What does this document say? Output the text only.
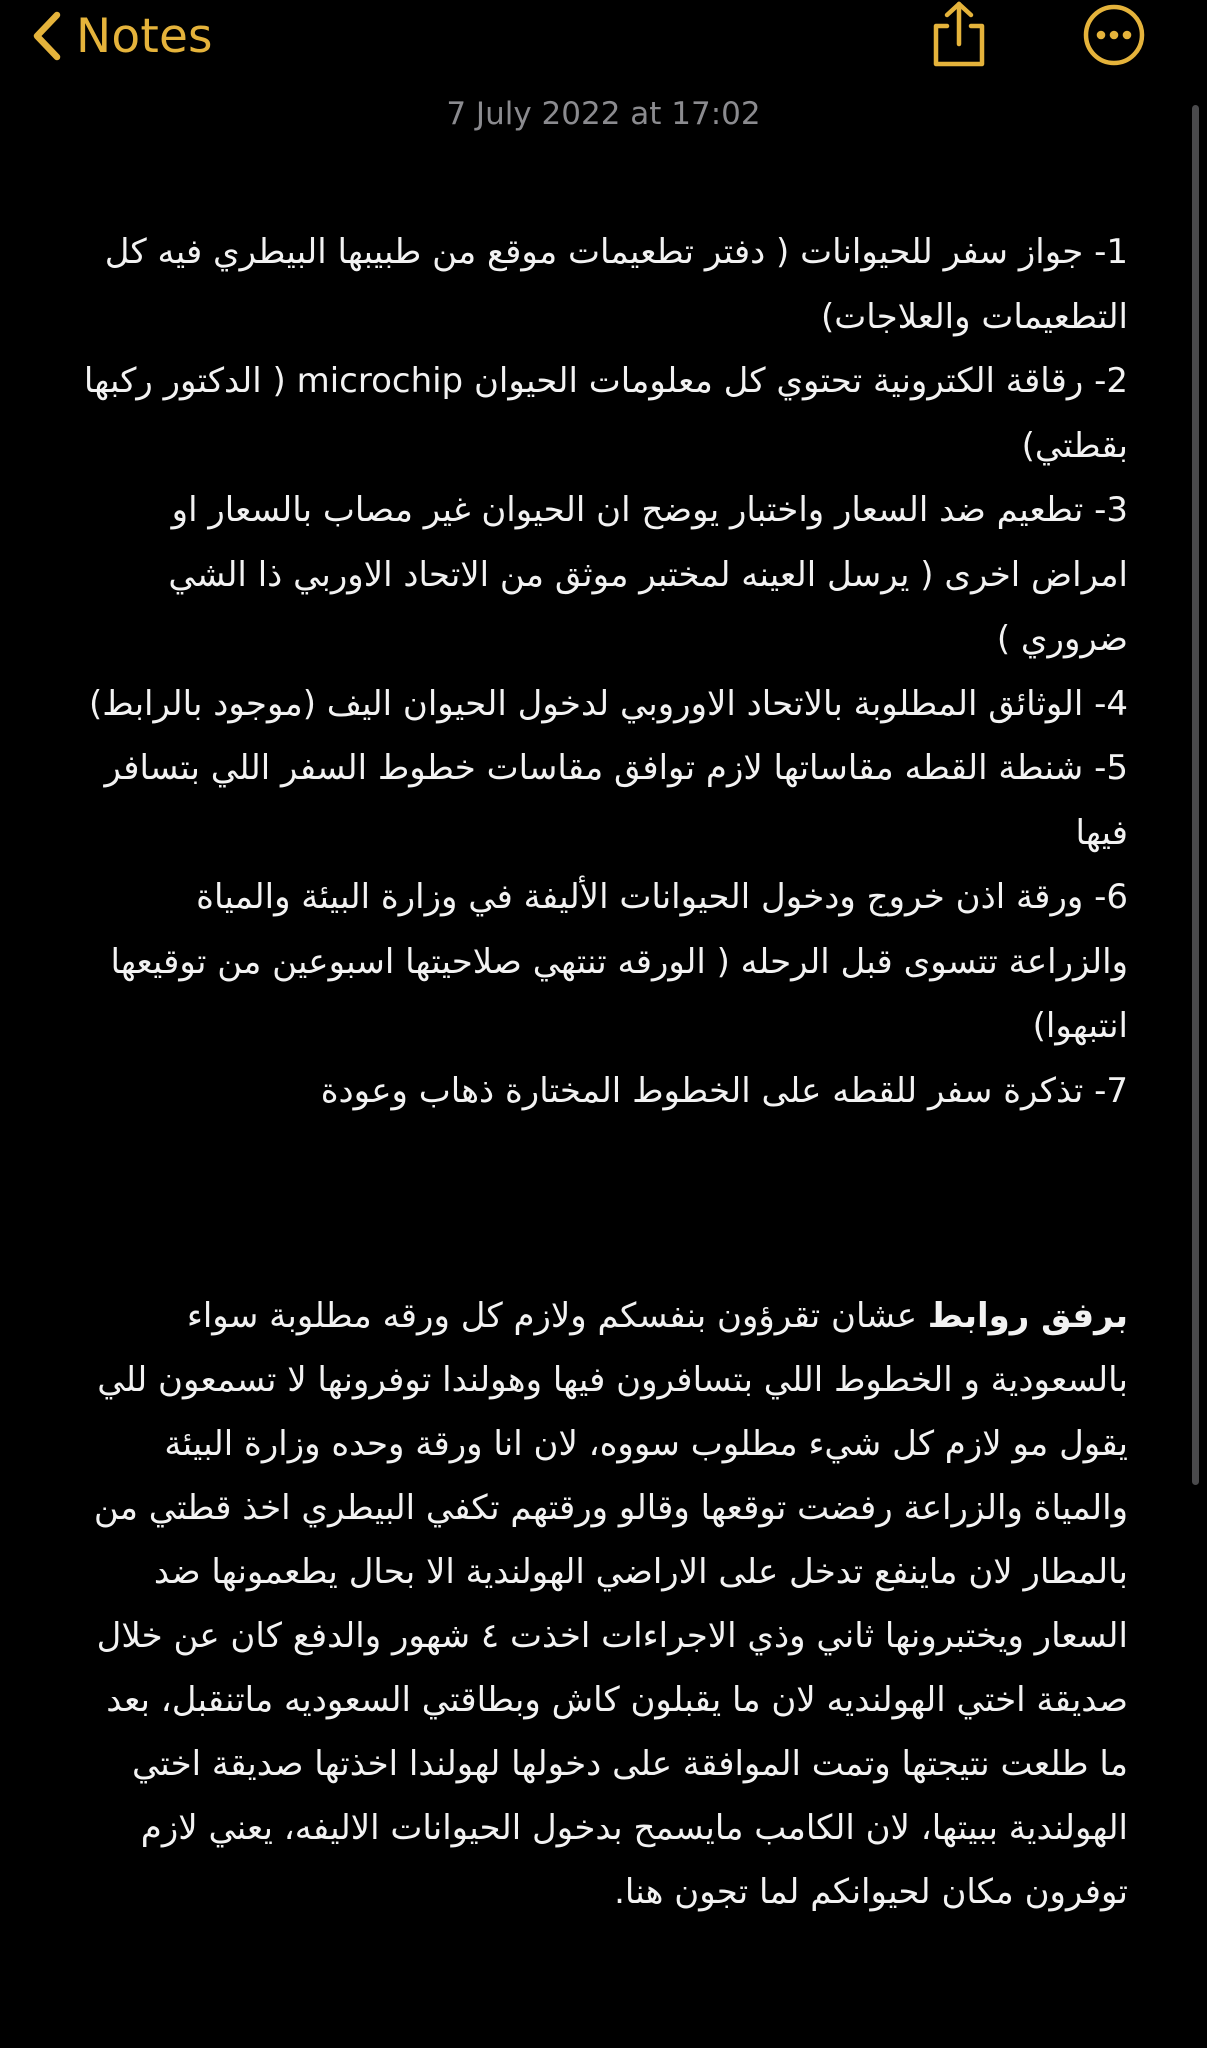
Notes
7 July 2022 at 17:02

1- جواز سفر للحيوانات ( دفتر تطعيمات موقع من طبيبها البيطري فيه كل التطعيمات والعلاجات)

2- رقاقة الكترونية تحتوي كل معلومات الحيوان microchip ( الدكتور ركبها بقطتي)

3- تطعيم ضد السعار واختبار يوضح ان الحيوان غير مصاب بالسعار او امراض اخرى ( يرسل العينه لمختبر موثق من الاتحاد الاوربي ذا الشي ضروري )

4- الوثائق المطلوبة بالاتحاد الاوروبي لدخول الحيوان اليف (موجود بالرابط)

5- شنطة القطه مقاساتها لازم توافق مقاسات خطوط السفر اللي بتسافر فيها

6- ورقة اذن خروج ودخول الحيوانات الأليفة في وزارة البيئة والمياة والزراعة تتسوى قبل الرحله ( الورقه تنتهي صلاحيتها اسبوعين من توقيعها انتبهوا)

7- تذكرة سفر للقطه على الخطوط المختارة ذهاب وعودة

برفق روابط عشان تقرؤون بنفسكم ولازم كل ورقه مطلوبة سواء بالسعودية و الخطوط اللي بتسافرون فيها وهولندا توفرونها لا تسمعون للي يقول مو لازم كل شيء مطلوب سووه، لان انا ورقة وحده وزارة البيئة والمياة والزراعة رفضت توقعها وقالو ورقتهم تكفي البيطري اخذ قطتي من بالمطار لان ماينفع تدخل على الاراضي الهولندية الا بحال يطعمونها ضد السعار ويختبرونها ثاني وذي الاجراءات اخذت ٤ شهور والدفع كان عن خلال صديقة اختي الهولنديه لان ما يقبلون كاش وبطاقتي السعوديه ماتنقبل، بعد ما طلعت نتيجتها وتمت الموافقة على دخولها لهولندا اخذتها صديقة اختي الهولندية ببيتها، لان الكامب مايسمح بدخول الحيوانات الاليفه، يعني لازم توفرون مكان لحيوانكم لما تجون هنا.
